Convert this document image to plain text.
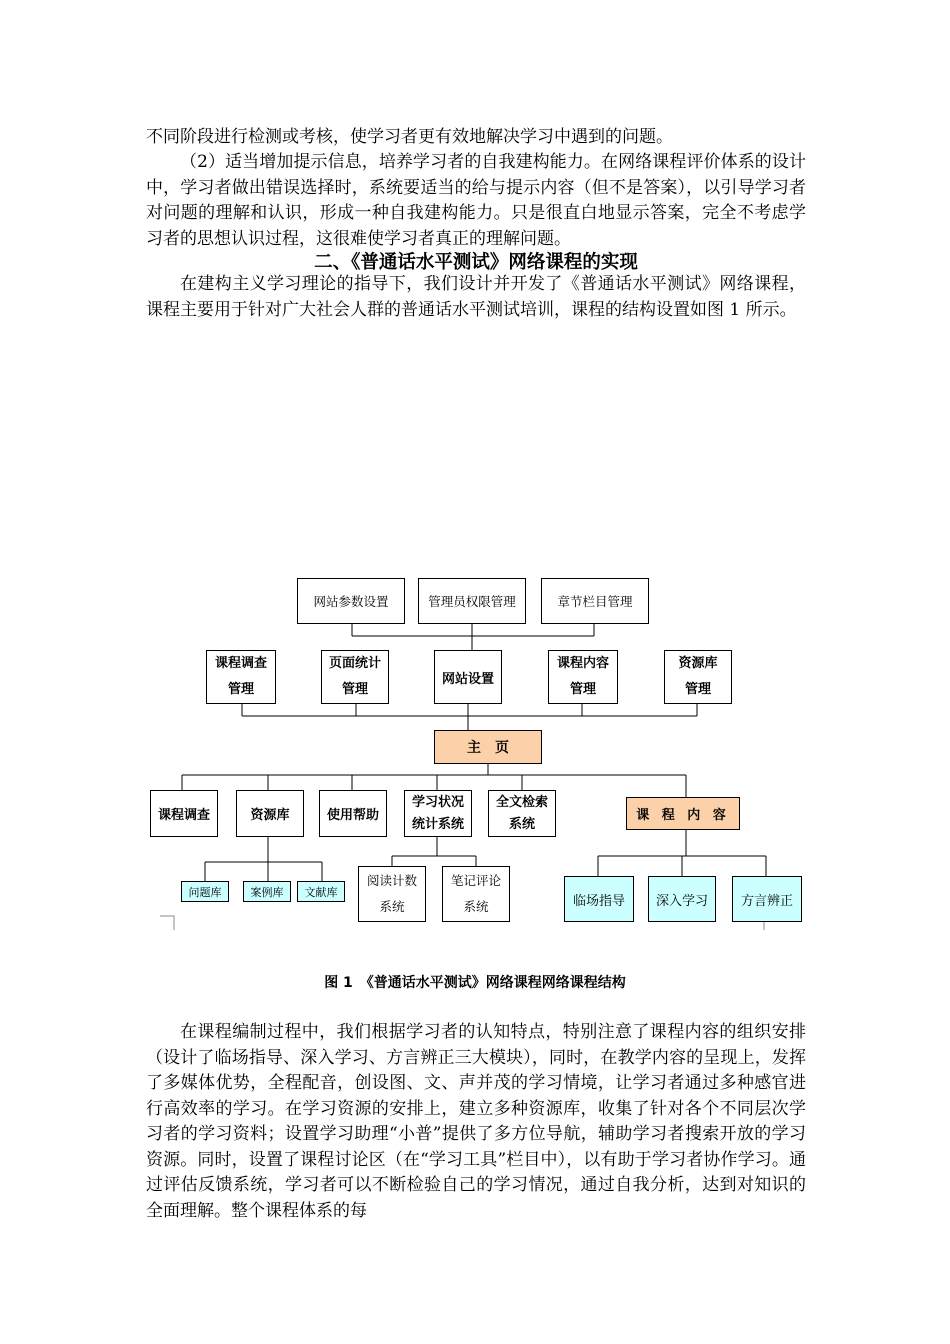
不同阶段进行检测或考核，使学习者更有效地解决学习中遇到的问题。

（2）适当增加提示信息，培养学习者的自我建构能力。在网络课程评价体系的设计中，学习者做出错误选择时，系统要适当的给与提示内容（但不是答案），以引导学习者对问题的理解和认识，形成一种自我建构能力。只是很直白地显示答案，完全不考虑学习者的思想认识过程，这很难使学习者真正的理解问题。

二、《普通话水平测试》网络课程的实现

在建构主义学习理论的指导下，我们设计并开发了《普通话水平测试》网络课程，课程主要用于针对广大社会人群的普通话水平测试培训，课程的结构设置如图 1 所示。

网站参数设置	管理员权限管理	章节栏目管理
课程调查
管理
页面统计
管理
网站设置
课程内容
管理
资源库
管理
主　页
课程调查	资源库	使用帮助
学习状况
统计系统
全文检索
系统
课 程 内 容
问题库	案例库 文献库
阅读计数
系统
笔记评论
系统	临场指导 深入学习	方言辨正

图 1　《普通话水平测试》网络课程网络课程结构

在课程编制过程中，我们根据学习者的认知特点，特别注意了课程内容的组织安排（设计了临场指导、深入学习、方言辨正三大模块），同时，在教学内容的呈现上，发挥了多媒体优势，全程配音，创设图、文、声并茂的学习情境，让学习者通过多种感官进行高效率的学习。在学习资源的安排上，建立多种资源库，收集了针对各个不同层次学习者的学习资料；设置学习助理“小普”提供了多方位导航，辅助学习者搜索开放的学习资源。同时，设置了课程讨论区（在“学习工具”栏目中），以有助于学习者协作学习。通过评估反馈系统，学习者可以不断检验自己的学习情况，通过自我分析，达到对知识的全面理解。整个课程体系的每
